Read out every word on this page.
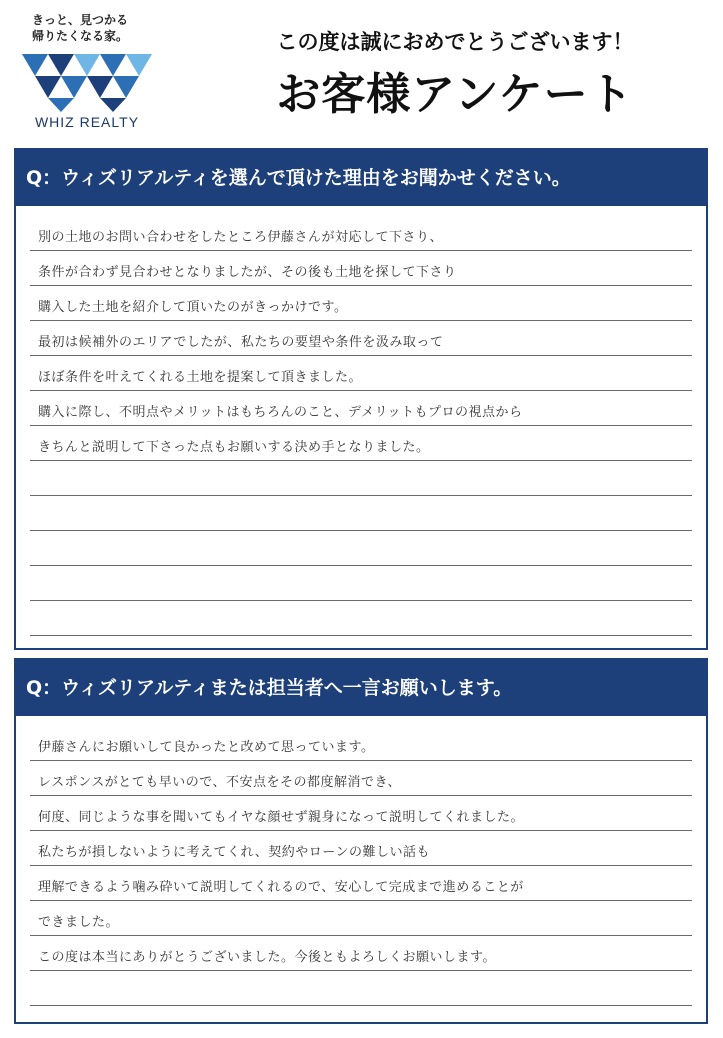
きっと、見つかる
帰りたくなる家。
WHIZ REALTY
この度は誠におめでとうございます！
お客様アンケート
Q：ウィズリアルティを選んで頂けた理由をお聞かせください。
別の土地のお問い合わせをしたところ伊藤さんが対応して下さり、
条件が合わず見合わせとなりましたが、その後も土地を探して下さり
購入した土地を紹介して頂いたのがきっかけです。
最初は候補外のエリアでしたが、私たちの要望や条件を汲み取って
ほぼ条件を叶えてくれる土地を提案して頂きました。
購入に際し、不明点やメリットはもちろんのこと、デメリットもプロの視点から
きちんと説明して下さった点もお願いする決め手となりました。
Q：ウィズリアルティまたは担当者へ一言お願いします。
伊藤さんにお願いして良かったと改めて思っています。
レスポンスがとても早いので、不安点をその都度解消でき、
何度、同じような事を聞いてもイヤな顔せず親身になって説明してくれました。
私たちが損しないように考えてくれ、契約やローンの難しい話も
理解できるよう噛み砕いて説明してくれるので、安心して完成まで進めることが
できました。
この度は本当にありがとうございました。今後ともよろしくお願いします。
